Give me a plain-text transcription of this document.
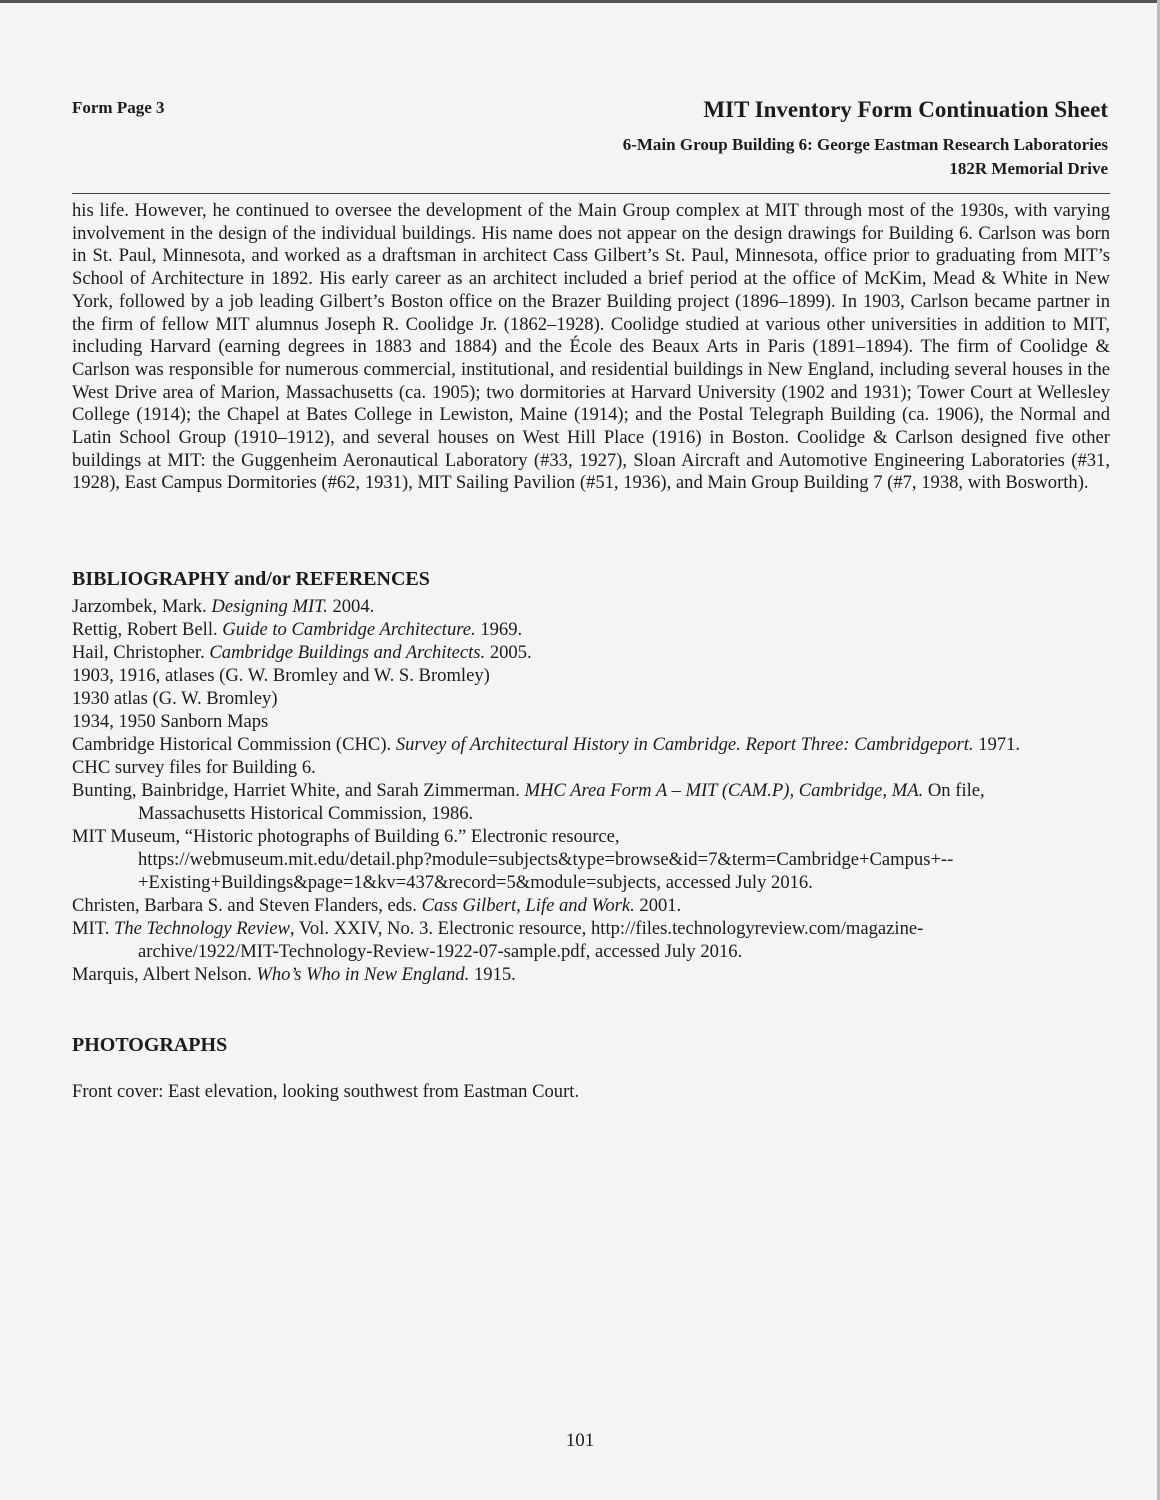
Form Page 3	MIT Inventory Form Continuation Sheet
6-Main Group Building 6: George Eastman Research Laboratories
182R Memorial Drive

his life. However, he continued to oversee the development of the Main Group complex at MIT through most of the 1930s, with varying involvement in the design of the individual buildings. His name does not appear on the design drawings for Building 6. Carlson was born in St. Paul, Minnesota, and worked as a draftsman in architect Cass Gilbert’s St. Paul, Minnesota, office prior to graduating from MIT’s School of Architecture in 1892. His early career as an architect included a brief period at the office of McKim, Mead & White in New York, followed by a job leading Gilbert’s Boston office on the Brazer Building project (1896–1899). In 1903, Carlson became partner in the firm of fellow MIT alumnus Joseph R. Coolidge Jr. (1862–1928). Coolidge studied at various other universities in addition to MIT, including Harvard (earning degrees in 1883 and 1884) and the École des Beaux Arts in Paris (1891–1894). The firm of Coolidge & Carlson was responsible for numerous commercial, institutional, and residential buildings in New England, including several houses in the West Drive area of Marion, Massachusetts (ca. 1905); two dormitories at Harvard University (1902 and 1931); Tower Court at Wellesley College (1914); the Chapel at Bates College in Lewiston, Maine (1914); and the Postal Telegraph Building (ca. 1906), the Normal and Latin School Group (1910–1912), and several houses on West Hill Place (1916) in Boston. Coolidge & Carlson designed five other buildings at MIT: the Guggenheim Aeronautical Laboratory (#33, 1927), Sloan Aircraft and Automotive Engineering Laboratories (#31, 1928), East Campus Dormitories (#62, 1931), MIT Sailing Pavilion (#51, 1936), and Main Group Building 7 (#7, 1938, with Bosworth).

BIBLIOGRAPHY and/or REFERENCES
Jarzombek, Mark. Designing MIT. 2004.
Rettig, Robert Bell. Guide to Cambridge Architecture. 1969.
Hail, Christopher. Cambridge Buildings and Architects. 2005.
1903, 1916, atlases (G. W. Bromley and W. S. Bromley)
1930 atlas (G. W. Bromley)
1934, 1950 Sanborn Maps
Cambridge Historical Commission (CHC). Survey of Architectural History in Cambridge. Report Three: Cambridgeport. 1971.
CHC survey files for Building 6.
Bunting, Bainbridge, Harriet White, and Sarah Zimmerman. MHC Area Form A – MIT (CAM.P), Cambridge, MA. On file,
Massachusetts Historical Commission, 1986.
MIT Museum, “Historic photographs of Building 6.” Electronic resource,
https://webmuseum.mit.edu/detail.php?module=subjects&type=browse&id=7&term=Cambridge+Campus+--
+Existing+Buildings&page=1&kv=437&record=5&module=subjects, accessed July 2016.
Christen, Barbara S. and Steven Flanders, eds. Cass Gilbert, Life and Work. 2001.
MIT. The Technology Review, Vol. XXIV, No. 3. Electronic resource, http://files.technologyreview.com/magazine-
archive/1922/MIT-Technology-Review-1922-07-sample.pdf, accessed July 2016.
Marquis, Albert Nelson. Who’s Who in New England. 1915.
PHOTOGRAPHS
Front cover: East elevation, looking southwest from Eastman Court.
101
